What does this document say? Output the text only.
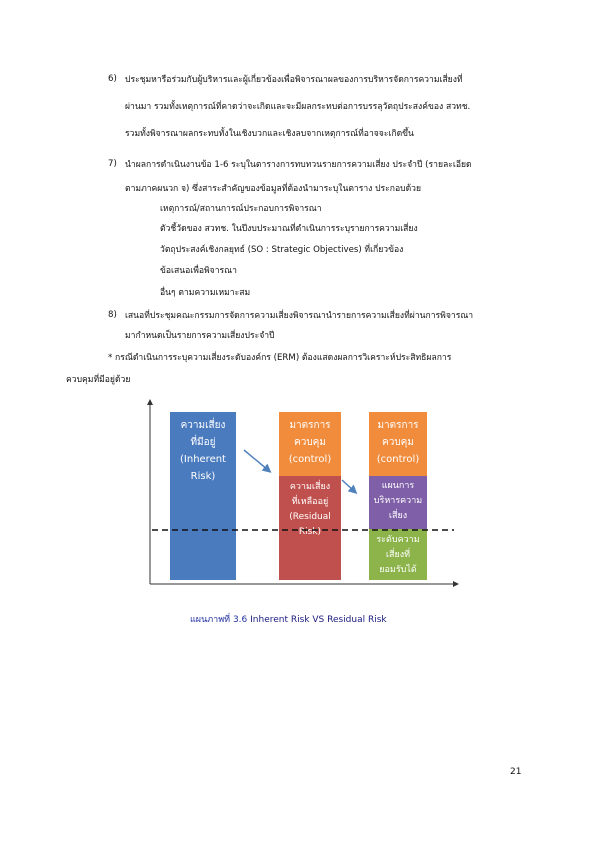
6) ประชุมหารือร่วมกับผู้บริหารและผู้เกี่ยวข้องเพื่อพิจารณาผลของการบริหารจัดการความเสี่ยงที่
ผ่านมา รวมทั้งเหตุการณ์ที่คาดว่าจะเกิดและจะมีผลกระทบต่อการบรรลุวัตถุประสงค์ของ สวทช.
รวมทั้งพิจารณาผลกระทบทั้งในเชิงบวกและเชิงลบจากเหตุการณ์ที่อาจจะเกิดขึ้น
7) นำผลการดำเนินงานข้อ 1-6 ระบุในตารางการทบทวนรายการความเสี่ยง ประจำปี (รายละเอียด
ตามภาคผนวก จ) ซึ่งสาระสำคัญของข้อมูลที่ต้องนำมาระบุในตาราง ประกอบด้วย
เหตุการณ์/สถานการณ์ประกอบการพิจารณา
ตัวชี้วัดของ สวทช. ในปีงบประมาณที่ดำเนินการระบุรายการความเสี่ยง
วัตถุประสงค์เชิงกลยุทธ์ (SO : Strategic Objectives) ที่เกี่ยวข้อง
ข้อเสนอเพื่อพิจารณา
อื่นๆ ตามความเหมาะสม
8) เสนอที่ประชุมคณะกรรมการจัดการความเสี่ยงพิจารณานำรายการความเสี่ยงที่ผ่านการพิจารณา
มากำหนดเป็นรายการความเสี่ยงประจำปี
* กรณีดำเนินการระบุความเสี่ยงระดับองค์กร (ERM) ต้องแสดงผลการวิเคราะห์ประสิทธิผลการ
ควบคุมที่มีอยู่ด้วย
ความเสี่ยง
ที่มีอยู่
(Inherent
Risk)
มาตรการ
ควบคุม
(control)
ความเสี่ยง
ที่เหลืออยู่
(Residual
Risk)
มาตรการ
ควบคุม
(control)
แผนการ
บริหารความ
เสี่ยง
ระดับความ
เสี่ยงที่
ยอมรับได้
แผนภาพที่ 3.6 Inherent Risk VS Residual Risk
21
